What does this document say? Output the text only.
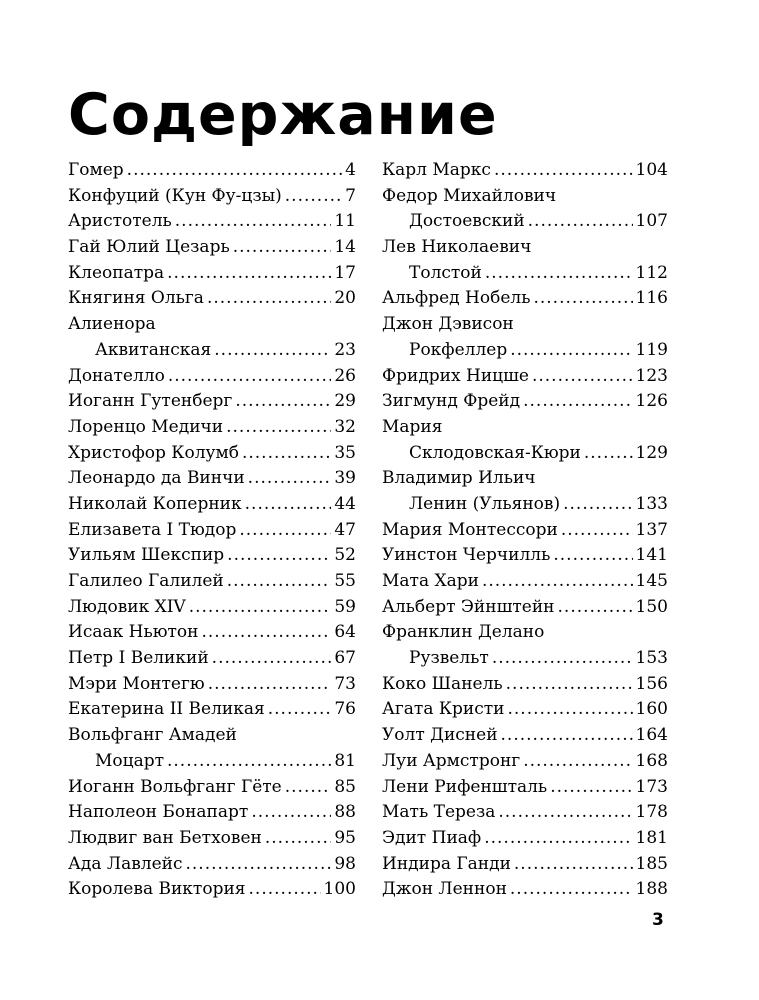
Содержание
Гомер .....	4
Конфуций (Кун Фу-цзы) .....	7
Аристотель .....	11
Гай Юлий Цезарь .....	14
Клеопатра .....	17
Княгиня Ольга .....	20
Алиенора
Аквитанская .....	23
Донателло .....	26
Иоганн Гутенберг .....	29
Лоренцо Медичи .....	32
Христофор Колумб .....	35
Леонардо да Винчи .....	39
Николай Коперник .....	44
Елизавета I Тюдор .....	47
Уильям Шекспир .....	52
Галилео Галилей .....	55
Людовик XIV .....	59
Исаак Ньютон .....	64
Петр I Великий .....	67
Мэри Монтегю .....	73
Екатерина II Великая .....	76
Вольфганг Амадей
Моцарт .....	81
Иоганн Вольфганг Гёте .....	85
Наполеон Бонапарт .....	88
Людвиг ван Бетховен .....	95
Ада Лавлейс .....	98
Королева Виктория .....	100
Карл Маркс .....	104
Федор Михайлович
Достоевский .....	107
Лев Николаевич
Толстой .....	112
Альфред Нобель .....	116
Джон Дэвисон
Рокфеллер .....	119
Фридрих Ницше .....	123
Зигмунд Фрейд .....	126
Мария
Склодовская-Кюри .....	129
Владимир Ильич
Ленин (Ульянов) .....	133
Мария Монтессори .....	137
Уинстон Черчилль .....	141
Мата Хари .....	145
Альберт Эйнштейн .....	150
Франклин Делано
Рузвельт .....	153
Коко Шанель .....	156
Агата Кристи .....	160
Уолт Дисней .....	164
Луи Армстронг .....	168
Лени Рифеншталь .....	173
Мать Тереза .....	178
Эдит Пиаф .....	181
Индира Ганди .....	185
Джон Леннон .....	188
3
